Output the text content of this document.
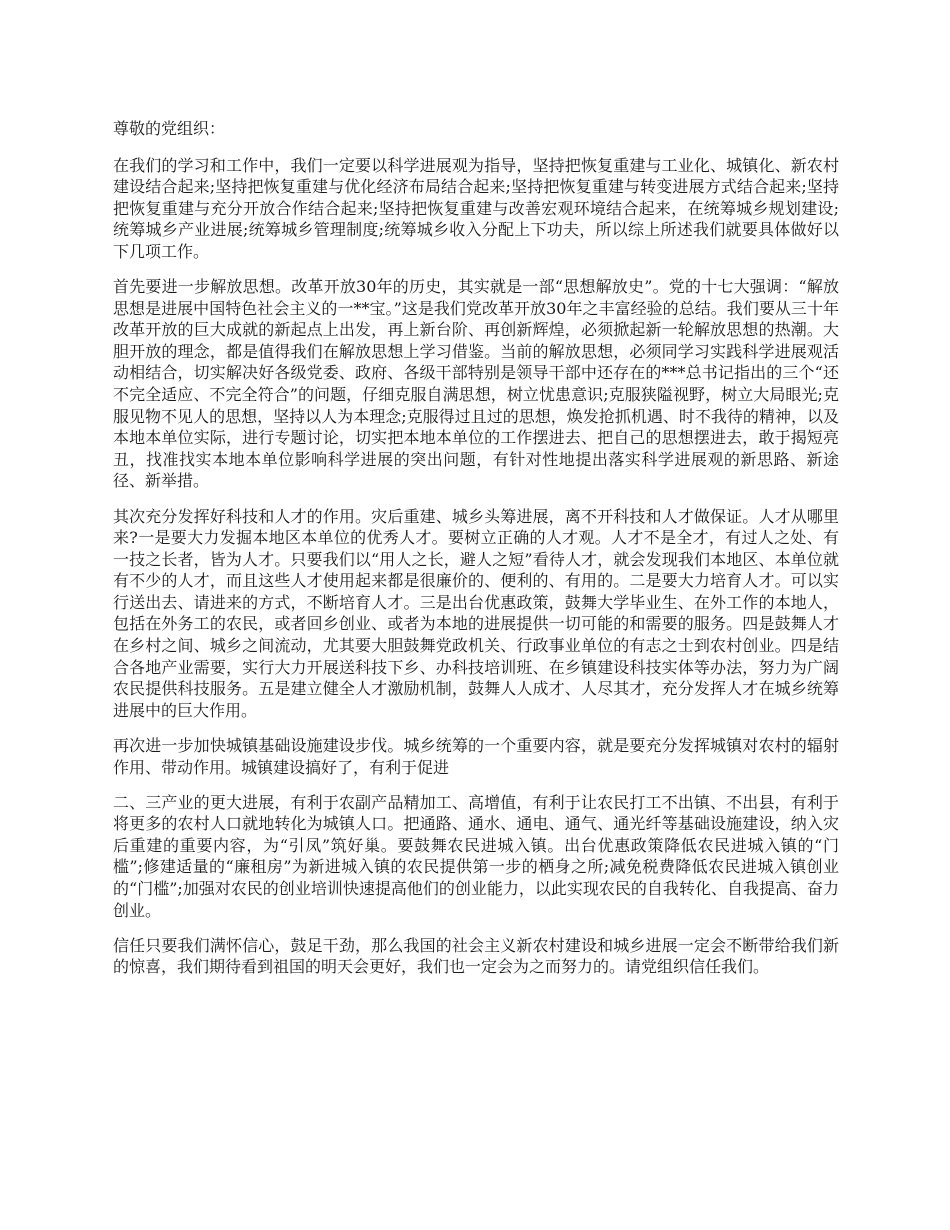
尊敬的党组织：

在我们的学习和工作中，我们一定要以科学进展观为指导，坚持把恢复重建与工业化、城镇化、新农村建设结合起来;坚持把恢复重建与优化经济布局结合起来;坚持把恢复重建与转变进展方式结合起来;坚持把恢复重建与充分开放合作结合起来;坚持把恢复重建与改善宏观环境结合起来，在统筹城乡规划建设;统筹城乡产业进展;统筹城乡管理制度;统筹城乡收入分配上下功夫，所以综上所述我们就要具体做好以下几项工作。

首先要进一步解放思想。改革开放30年的历史，其实就是一部“思想解放史”。党的十七大强调：“解放思想是进展中国特色社会主义的一**宝。”这是我们党改革开放30年之丰富经验的总结。我们要从三十年改革开放的巨大成就的新起点上出发，再上新台阶、再创新辉煌，必须掀起新一轮解放思想的热潮。大胆开放的理念，都是值得我们在解放思想上学习借鉴。当前的解放思想，必须同学习实践科学进展观活动相结合，切实解决好各级党委、政府、各级干部特别是领导干部中还存在的***总书记指出的三个“还不完全适应、不完全符合”的问题，仔细克服自满思想，树立忧患意识;克服狭隘视野，树立大局眼光;克服见物不见人的思想，坚持以人为本理念;克服得过且过的思想，焕发抢抓机遇、时不我待的精神，以及本地本单位实际，进行专题讨论，切实把本地本单位的工作摆进去、把自己的思想摆进去，敢于揭短亮丑，找准找实本地本单位影响科学进展的突出问题，有针对性地提出落实科学进展观的新思路、新途径、新举措。

其次充分发挥好科技和人才的作用。灾后重建、城乡头筹进展，离不开科技和人才做保证。人才从哪里来?一是要大力发掘本地区本单位的优秀人才。要树立正确的人才观。人才不是全才，有过人之处、有一技之长者，皆为人才。只要我们以“用人之长，避人之短”看待人才，就会发现我们本地区、本单位就有不少的人才，而且这些人才使用起来都是很廉价的、便利的、有用的。二是要大力培育人才。可以实行送出去、请进来的方式，不断培育人才。三是出台优惠政策，鼓舞大学毕业生、在外工作的本地人，包括在外务工的农民，或者回乡创业、或者为本地的进展提供一切可能的和需要的服务。四是鼓舞人才在乡村之间、城乡之间流动，尤其要大胆鼓舞党政机关、行政事业单位的有志之士到农村创业。四是结合各地产业需要，实行大力开展送科技下乡、办科技培训班、在乡镇建设科技实体等办法，努力为广阔农民提供科技服务。五是建立健全人才激励机制，鼓舞人人成才、人尽其才，充分发挥人才在城乡统筹进展中的巨大作用。

再次进一步加快城镇基础设施建设步伐。城乡统筹的一个重要内容，就是要充分发挥城镇对农村的辐射作用、带动作用。城镇建设搞好了，有利于促进

二、三产业的更大进展，有利于农副产品精加工、高增值，有利于让农民打工不出镇、不出县，有利于将更多的农村人口就地转化为城镇人口。把通路、通水、通电、通气、通光纤等基础设施建设，纳入灾后重建的重要内容，为“引凤”筑好巢。要鼓舞农民进城入镇。出台优惠政策降低农民进城入镇的“门槛”;修建适量的“廉租房”为新进城入镇的农民提供第一步的栖身之所;减免税费降低农民进城入镇创业的“门槛”;加强对农民的创业培训快速提高他们的创业能力，以此实现农民的自我转化、自我提高、奋力创业。

信任只要我们满怀信心，鼓足干劲，那么我国的社会主义新农村建设和城乡进展一定会不断带给我们新的惊喜，我们期待看到祖国的明天会更好，我们也一定会为之而努力的。请党组织信任我们。
